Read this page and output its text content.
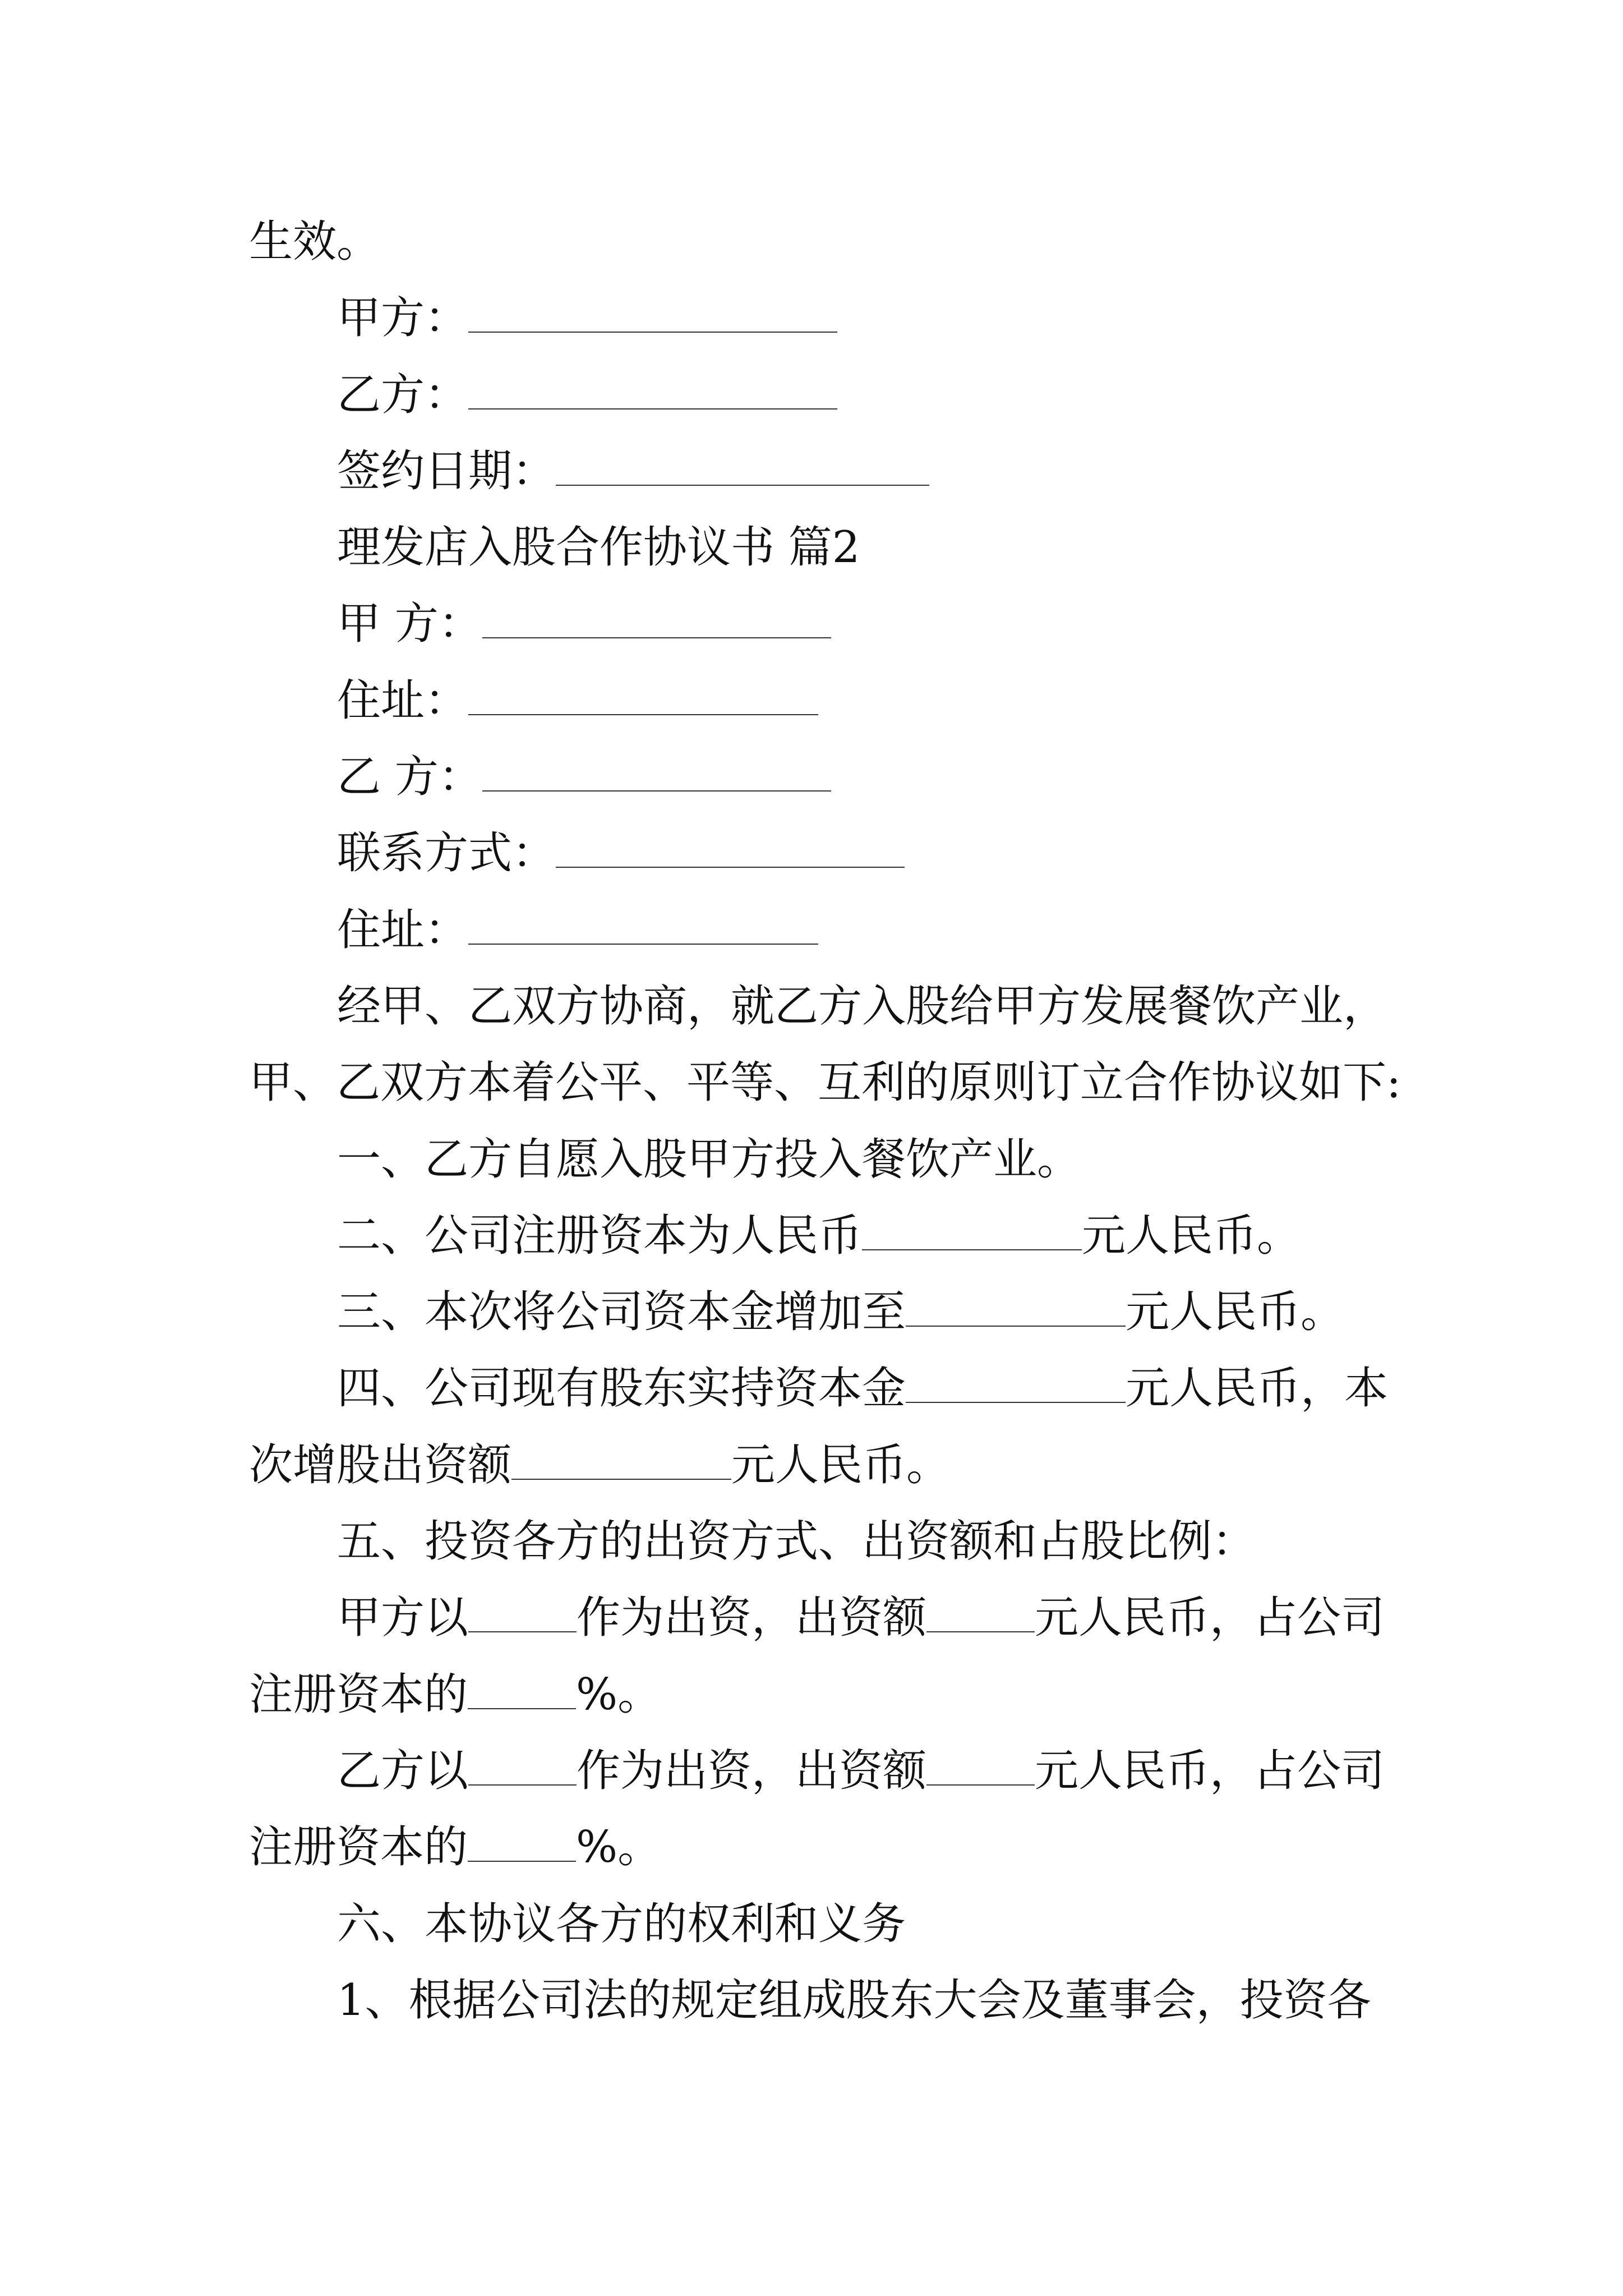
生效。
甲方：
乙方：
签约日期：
理发店入股合作协议书 篇2
甲 方：
住址：
乙 方：
联系方式：
住址：
经甲、乙双方协商，就乙方入股给甲方发展餐饮产业，
甲、乙双方本着公平、平等、互利的原则订立合作协议如下:
一、乙方自愿入股甲方投入餐饮产业。
二、公司注册资本为人民币	元人民币。
三、本次将公司资本金增加至	元人民币。
四、公司现有股东实持资本金	元人民币，本
次增股出资额	元人民币。
五、投资各方的出资方式、出资额和占股比例：
甲方以 作为出资，出资额 元人民币，占公司
注册资本的 %。
乙方以 作为出资，出资额 元人民币，占公司
注册资本的 %。
六、本协议各方的权利和义务
1、根据公司法的规定组成股东大会及董事会，投资各
